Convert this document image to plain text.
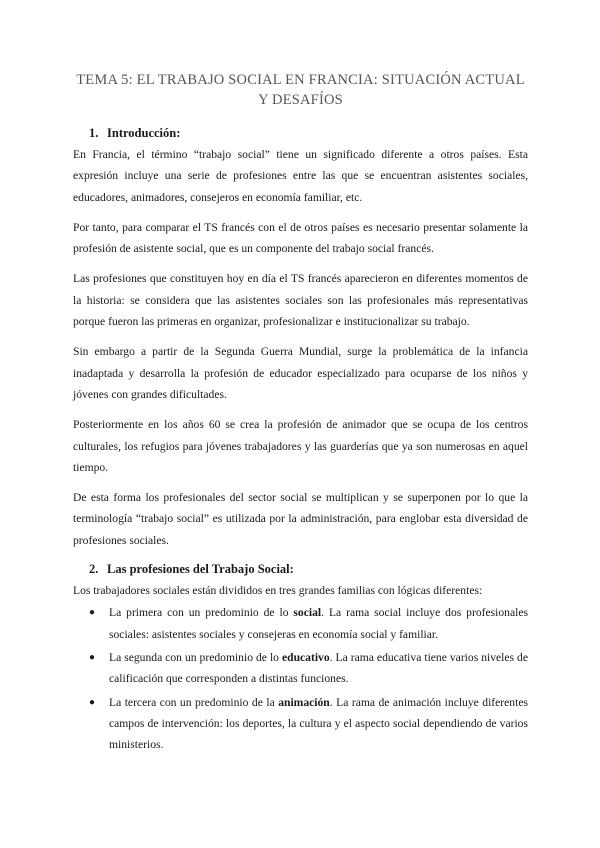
TEMA 5: EL TRABAJO SOCIAL EN FRANCIA: SITUACIÓN ACTUAL Y DESAFÍOS
1. Introducción:

En Francia, el término “trabajo social” tiene un significado diferente a otros países. Esta expresión incluye una serie de profesiones entre las que se encuentran asistentes sociales, educadores, animadores, consejeros en economía familiar, etc.

Por tanto, para comparar el TS francés con el de otros países es necesario presentar solamente la profesión de asistente social, que es un componente del trabajo social francés.

Las profesiones que constituyen hoy en día el TS francés aparecieron en diferentes momentos de la historia: se considera que las asistentes sociales son las profesionales más representativas porque fueron las primeras en organizar, profesionalizar e institucionalizar su trabajo.

Sin embargo a partir de la Segunda Guerra Mundial, surge la problemática de la infancia inadaptada y desarrolla la profesión de educador especializado para ocuparse de los niños y jóvenes con grandes dificultades.

Posteriormente en los años 60 se crea la profesión de animador que se ocupa de los centros culturales, los refugios para jóvenes trabajadores y las guarderías que ya son numerosas en aquel tiempo.

De esta forma los profesionales del sector social se multiplican y se superponen por lo que la terminología “trabajo social” es utilizada por la administración, para englobar esta diversidad de profesiones sociales.

2. Las profesiones del Trabajo Social:

Los trabajadores sociales están divididos en tres grandes familias con lógicas diferentes:

● La primera con un predominio de lo social. La rama social incluye dos profesionales sociales: asistentes sociales y consejeras en economía social y familiar.
● La segunda con un predominio de lo educativo. La rama educativa tiene varios niveles de calificación que corresponden a distintas funciones.
● La tercera con un predominio de la animación. La rama de animación incluye diferentes campos de intervención: los deportes, la cultura y el aspecto social dependiendo de varios ministerios.
